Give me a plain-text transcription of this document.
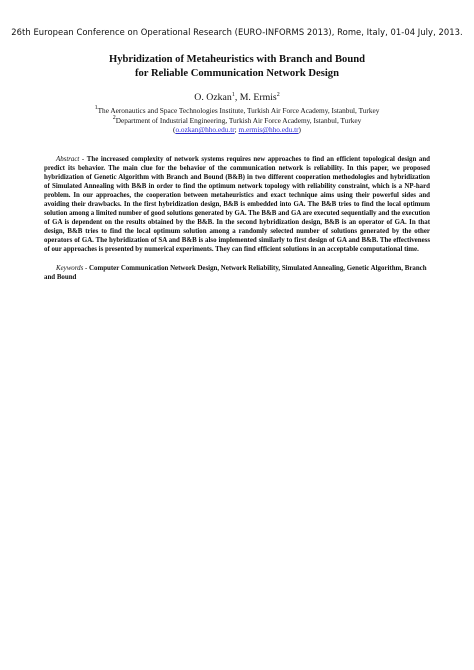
26th European Conference on Operational Research (EURO-INFORMS 2013), Rome, Italy, 01-04 July, 2013.
Hybridization of Metaheuristics with Branch and Bound
for Reliable Communication Network Design
O. Ozkan$^1$, M. Ermis$^2$
$^1$The Aeronautics and Space Technologies Institute, Turkish Air Force Academy, Istanbul, Turkey
$^2$Department of Industrial Engineering, Turkish Air Force Academy, Istanbul, Turkey
(o.ozkan@hho.edu.tr; m.ermis@hho.edu.tr)
Abstract - The increased complexity of network systems requires new approaches to find an efficient topological design and predict its behavior. The main clue for the behavior of the communication network is reliability. In this paper, we proposed hybridization of Genetic Algorithm with Branch and Bound (B&B) in two different cooperation methodologies and hybridization of Simulated Annealing with B&B in order to find the optimum network topology with reliability constraint, which is a NP-hard problem. In our approaches, the cooperation between metaheuristics and exact technique aims using their powerful sides and avoiding their drawbacks. In the first hybridization design, B&B is embedded into GA. The B&B tries to find the local optimum solution among a limited number of good solutions generated by GA. The B&B and GA are executed sequentially and the execution of GA is dependent on the results obtained by the B&B. In the second hybridization design, B&B is an operator of GA. In that design, B&B tries to find the local optimum solution among a randomly selected number of solutions generated by the other operators of GA. The hybridization of SA and B&B is also implemented similarly to first design of GA and B&B. The effectiveness of our approaches is presented by numerical experiments. They can find efficient solutions in an acceptable computational time.
Keywords - Computer Communication Network Design, Network Reliability, Simulated Annealing, Genetic Algorithm, Branch and Bound
